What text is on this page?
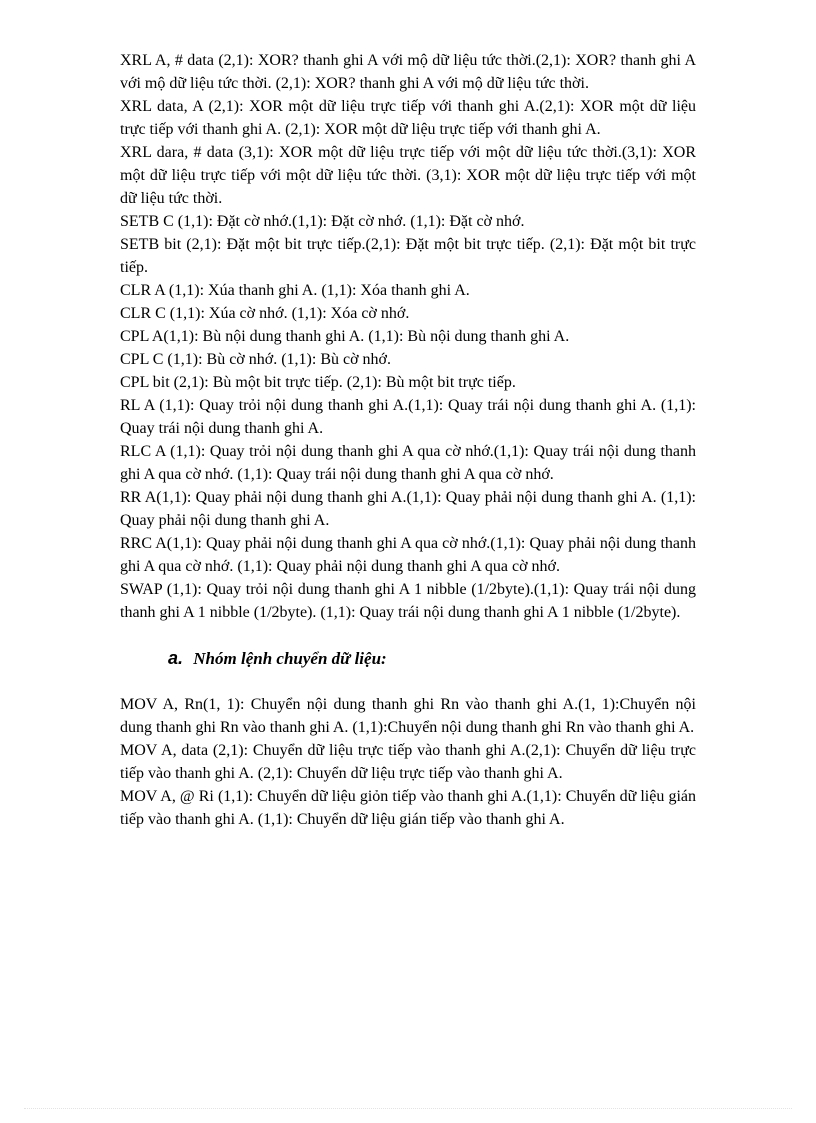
XRL A, # data (2,1): XOR? thanh ghi A với mộ dữ liệu tức thời.(2,1): XOR? thanh ghi A với mộ dữ liệu tức thời. (2,1): XOR? thanh ghi A với mộ dữ liệu tức thời.

XRL data, A (2,1): XOR một dữ liệu trực tiếp với thanh ghi A.(2,1): XOR một dữ liệu trực tiếp với thanh ghi A. (2,1): XOR một dữ liệu trực tiếp với thanh ghi A.

XRL dara, # data (3,1): XOR một dữ liệu trực tiếp với một dữ liệu tức thời.(3,1): XOR một dữ liệu trực tiếp với một dữ liệu tức thời. (3,1): XOR một dữ liệu trực tiếp với một dữ liệu tức thời.

SETB C (1,1): Đặt cờ nhớ.(1,1): Đặt cờ nhớ. (1,1): Đặt cờ nhớ.

SETB bit (2,1): Đặt một bit trực tiếp.(2,1): Đặt một bit trực tiếp. (2,1): Đặt một bit trực tiếp.

CLR A (1,1): Xúa thanh ghi A. (1,1): Xóa thanh ghi A.

CLR C (1,1): Xúa cờ nhớ. (1,1): Xóa cờ nhớ.

CPL A(1,1): Bù nội dung thanh ghi A. (1,1): Bù nội dung thanh ghi A.

CPL C (1,1): Bù cờ nhớ. (1,1): Bù cờ nhớ.

CPL bit (2,1): Bù một bit trực tiếp. (2,1): Bù một bit trực tiếp.

RL A (1,1): Quay trỏi nội dung thanh ghi A.(1,1): Quay trái nội dung thanh ghi A. (1,1): Quay trái nội dung thanh ghi A.

RLC A (1,1): Quay trỏi nội dung thanh ghi A qua cờ nhớ.(1,1): Quay trái nội dung thanh ghi A qua cờ nhớ. (1,1): Quay trái nội dung thanh ghi A qua cờ nhớ.

RR A(1,1): Quay phải nội dung thanh ghi A.(1,1): Quay phải nội dung thanh ghi A. (1,1): Quay phải nội dung thanh ghi A.

RRC A(1,1): Quay phải nội dung thanh ghi A qua cờ nhớ.(1,1): Quay phải nội dung thanh ghi A qua cờ nhớ. (1,1): Quay phải nội dung thanh ghi A qua cờ nhớ.

SWAP (1,1): Quay trỏi nội dung thanh ghi A 1 nibble (1/2byte).(1,1): Quay trái nội dung thanh ghi A 1 nibble (1/2byte). (1,1): Quay trái nội dung thanh ghi A 1 nibble (1/2byte).

a. Nhóm lệnh chuyển dữ liệu:

MOV A, Rn(1, 1): Chuyển nội dung thanh ghi Rn vào thanh ghi A.(1, 1):Chuyển nội dung thanh ghi Rn vào thanh ghi A. (1,1):Chuyển nội dung thanh ghi Rn vào thanh ghi A.

MOV A, data (2,1): Chuyển dữ liệu trực tiếp vào thanh ghi A.(2,1): Chuyển dữ liệu trực tiếp vào thanh ghi A. (2,1): Chuyển dữ liệu trực tiếp vào thanh ghi A.

MOV A, @ Ri (1,1): Chuyển dữ liệu giỏn tiếp vào thanh ghi A.(1,1): Chuyển dữ liệu gián tiếp vào thanh ghi A. (1,1): Chuyển dữ liệu gián tiếp vào thanh ghi A.
